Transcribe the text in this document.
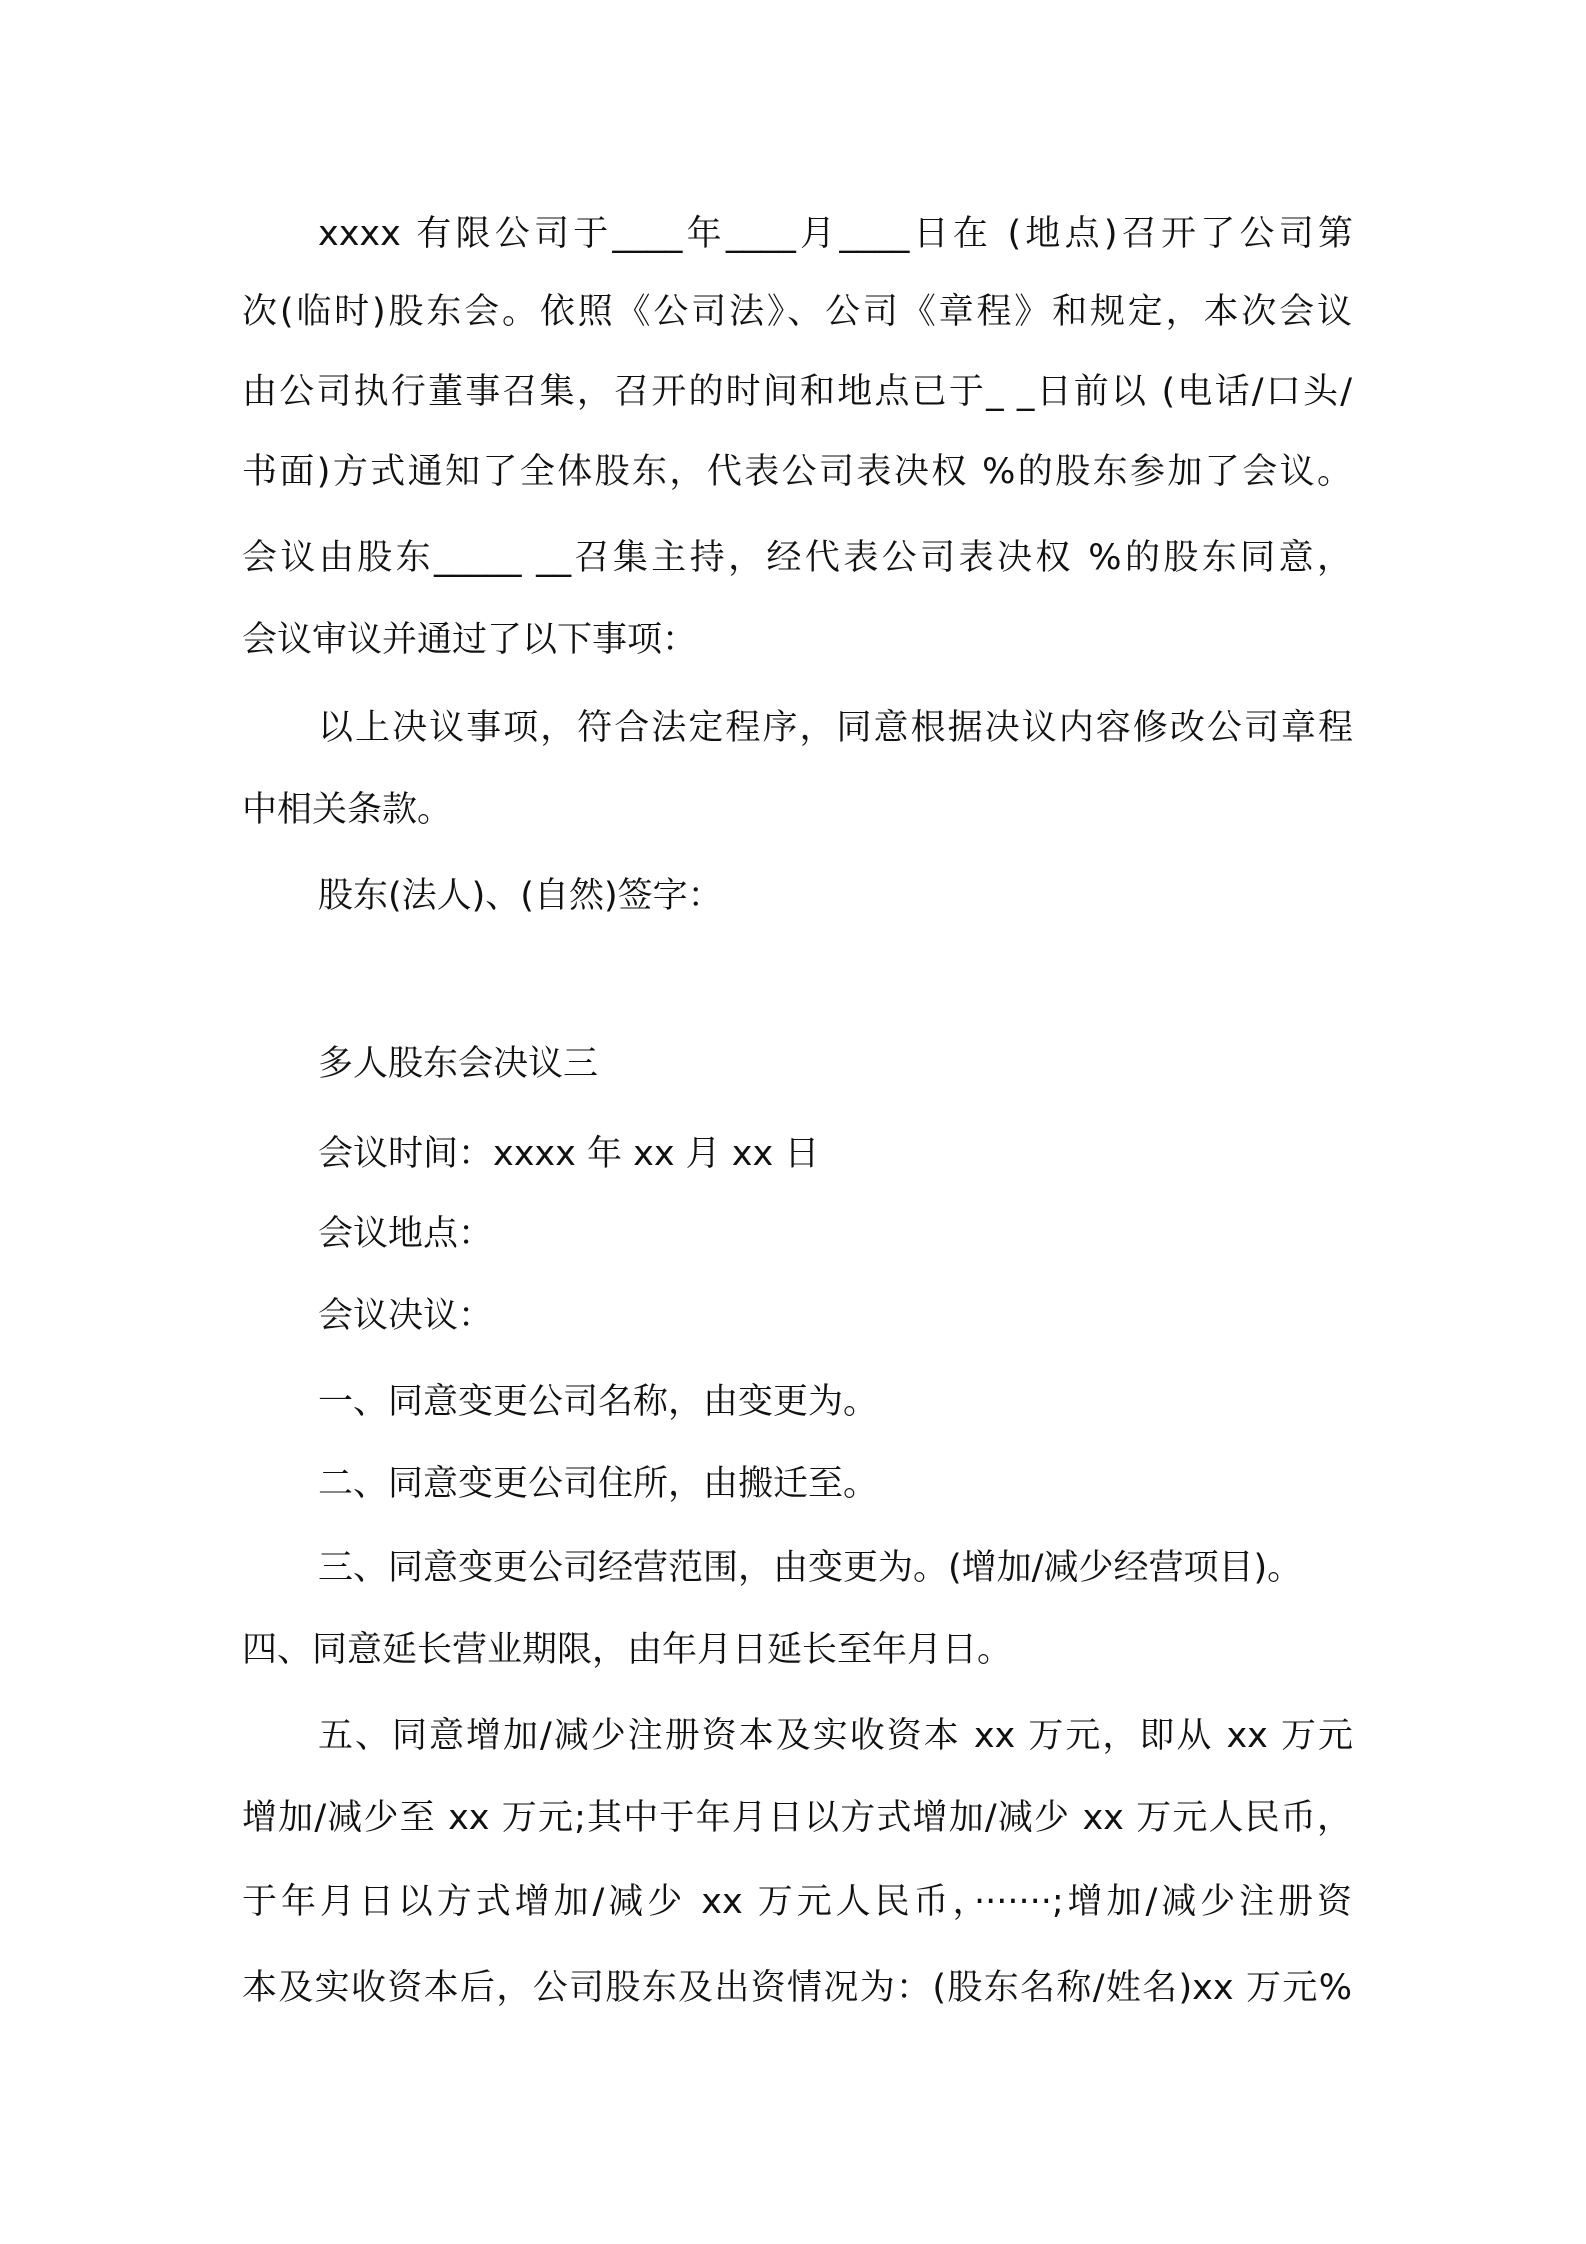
xxxx 有限公司于____年____月____日在 (地点)召开了公司第
次(临时)股东会。依照《公司法》、公司《章程》和规定，本次会议
由公司执行董事召集，召开的时间和地点已于_ _日前以 (电话/口头/
书面)方式通知了全体股东，代表公司表决权 %的股东参加了会议。
会议由股东_____ __召集主持，经代表公司表决权 %的股东同意，
会议审议并通过了以下事项：
以上决议事项，符合法定程序，同意根据决议内容修改公司章程
中相关条款。
股东(法人)、(自然)签字：
多人股东会决议三
会议时间：xxxx 年 xx 月 xx 日
会议地点：
会议决议：
一、同意变更公司名称，由变更为。
二、同意变更公司住所，由搬迁至。
三、同意变更公司经营范围，由变更为。(增加/减少经营项目)。
四、同意延长营业期限，由年月日延长至年月日。
五、同意增加/减少注册资本及实收资本 xx 万元，即从 xx 万元
增加/减少至 xx 万元;其中于年月日以方式增加/减少 xx 万元人民币，
于年月日以方式增加/减少 xx 万元人民币，·······;增加/减少注册资
本及实收资本后，公司股东及出资情况为：(股东名称/姓名)xx 万元%
